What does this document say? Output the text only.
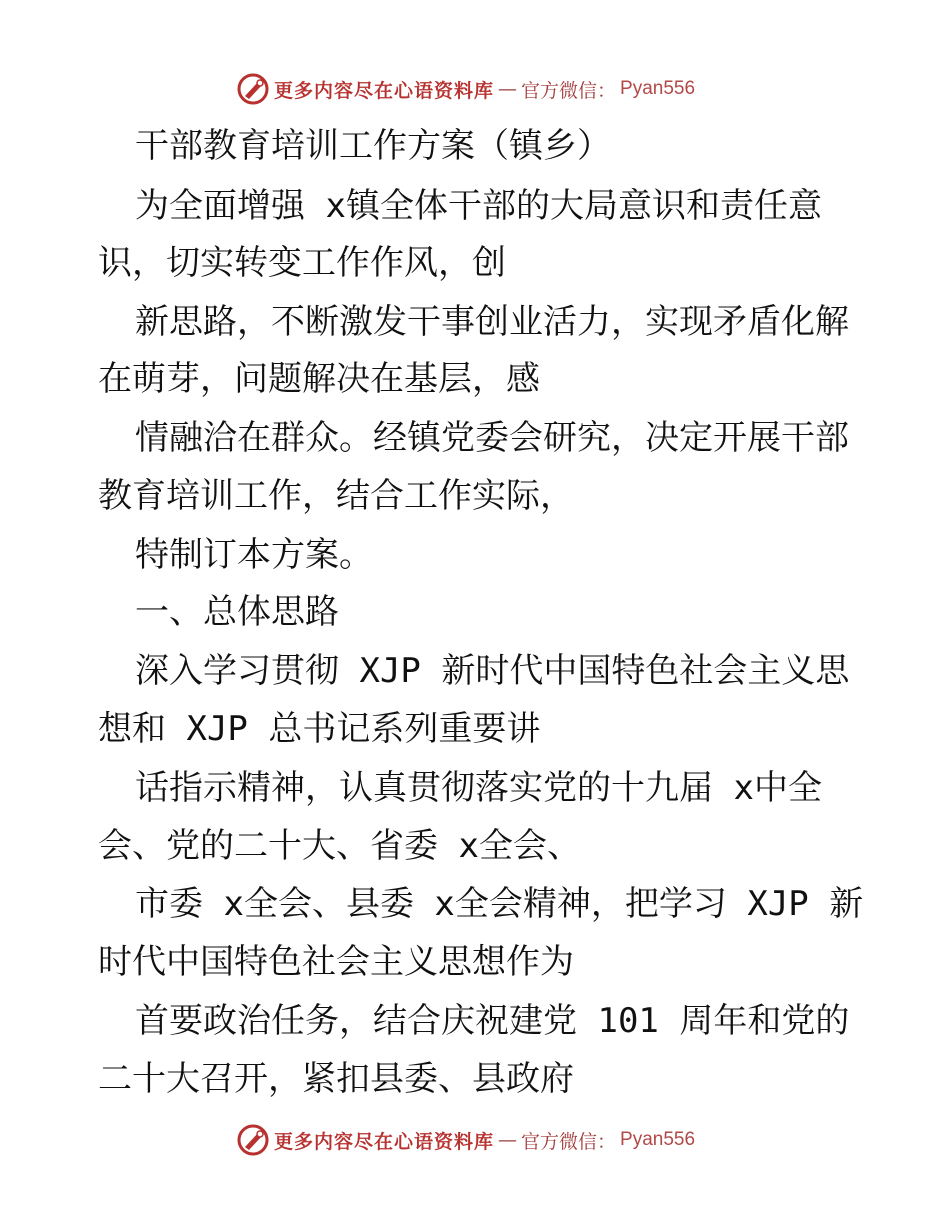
更多内容尽在心语资料库 — 官方微信： Pyan556
干部教育培训工作方案（镇乡）
为全面增强 x镇全体干部的大局意识和责任意
识，切实转变工作作风，创
新思路，不断激发干事创业活力，实现矛盾化解
在萌芽，问题解决在基层，感
情融洽在群众。经镇党委会研究，决定开展干部
教育培训工作，结合工作实际，
特制订本方案。
一、总体思路
深入学习贯彻 XJP 新时代中国特色社会主义思
想和 XJP 总书记系列重要讲
话指示精神，认真贯彻落实党的十九届 x中全
会、党的二十大、省委 x全会、
市委 x全会、县委 x全会精神，把学习 XJP 新
时代中国特色社会主义思想作为
首要政治任务，结合庆祝建党 101 周年和党的
二十大召开，紧扣县委、县政府
更多内容尽在心语资料库 — 官方微信： Pyan556
